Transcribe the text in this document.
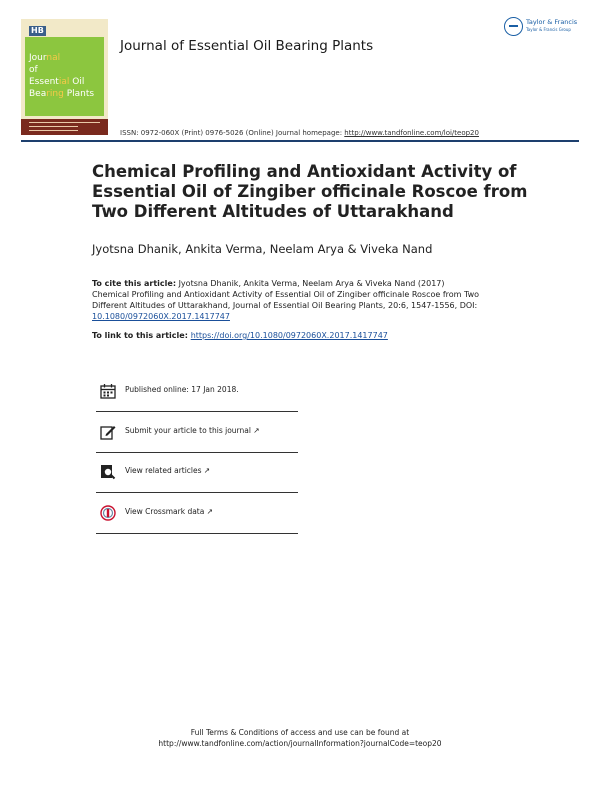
HB
Journal
of
Essential Oil
Bearing Plants
Journal of Essential Oil Bearing Plants
Taylor & Francis
Taylor & Francis Group
ISSN: 0972-060X (Print) 0976-5026 (Online) Journal homepage: http://www.tandfonline.com/loi/teop20
Chemical Profiling and Antioxidant Activity of
Essential Oil of Zingiber officinale Roscoe from
Two Different Altitudes of Uttarakhand
Jyotsna Dhanik, Ankita Verma, Neelam Arya & Viveka Nand
To cite this article: Jyotsna Dhanik, Ankita Verma, Neelam Arya & Viveka Nand (2017)
Chemical Profiling and Antioxidant Activity of Essential Oil of Zingiber officinale Roscoe from Two
Different Altitudes of Uttarakhand, Journal of Essential Oil Bearing Plants, 20:6, 1547-1556, DOI:
10.1080/0972060X.2017.1417747
To link to this article: https://doi.org/10.1080/0972060X.2017.1417747
Published online: 17 Jan 2018.
Submit your article to this journal ↗
View related articles ↗
View Crossmark data ↗
Full Terms & Conditions of access and use can be found at
http://www.tandfonline.com/action/journalInformation?journalCode=teop20
